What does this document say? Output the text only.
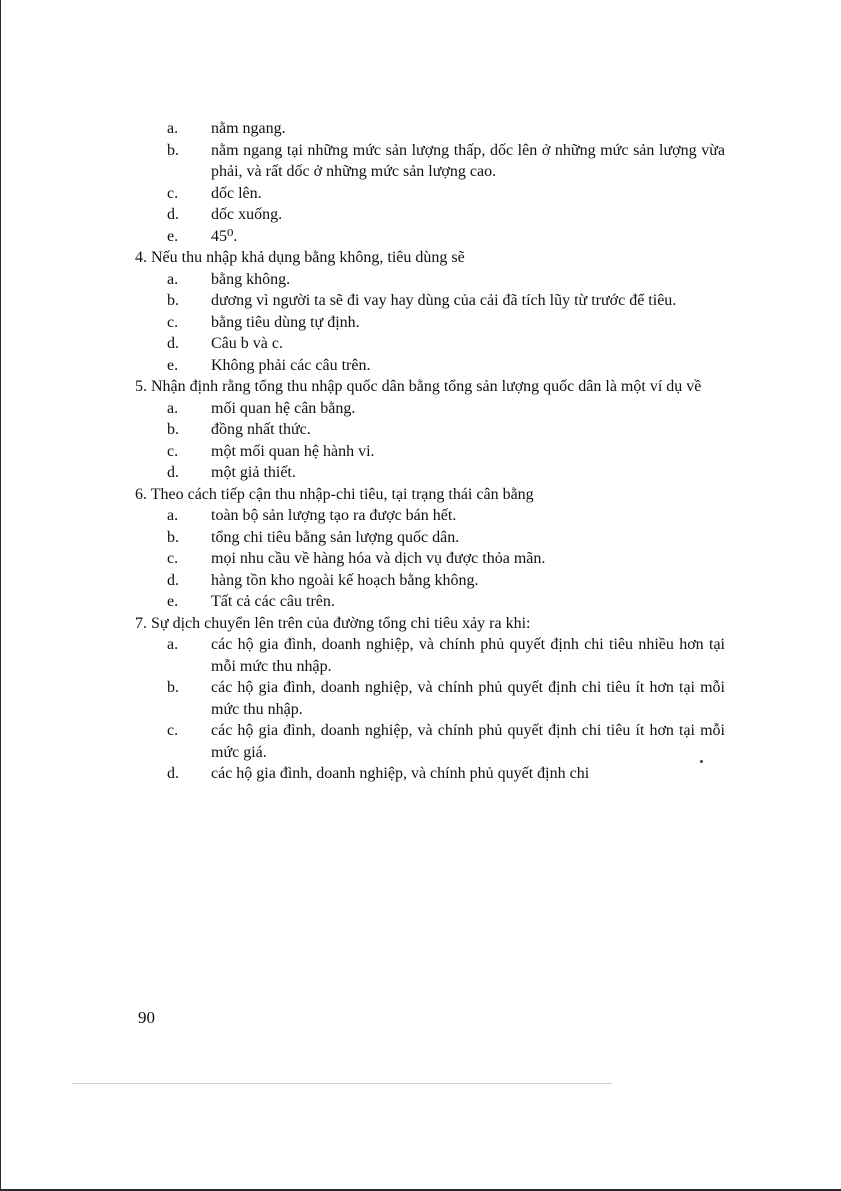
a.	nằm ngang.
b.	nằm ngang tại những mức sản lượng thấp, dốc lên ở những mức sản lượng vừa phải, và rất dốc ở những mức sản lượng cao.
c.	dốc lên.
d.	dốc xuống.
e.	45⁰.
4. Nếu thu nhập khả dụng bằng không, tiêu dùng sẽ
a.	bằng không.
b.	dương vì người ta sẽ đi vay hay dùng của cải đã tích lũy từ trước để tiêu.
c.	bằng tiêu dùng tự định.
d.	Câu b và c.
e.	Không phải các câu trên.
5. Nhận định rằng tổng thu nhập quốc dân bằng tổng sản lượng quốc dân là một ví dụ về
a.	mối quan hệ cân bằng.
b.	đồng nhất thức.
c.	một mối quan hệ hành vi.
d.	một giả thiết.
6. Theo cách tiếp cận thu nhập-chi tiêu, tại trạng thái cân bằng
a.	toàn bộ sản lượng tạo ra được bán hết.
b.	tổng chi tiêu bằng sản lượng quốc dân.
c.	mọi nhu cầu về hàng hóa và dịch vụ được thỏa mãn.
d.	hàng tồn kho ngoài kế hoạch bằng không.
e.	Tất cả các câu trên.
7. Sự dịch chuyển lên trên của đường tổng chi tiêu xảy ra khi:
a.	các hộ gia đình, doanh nghiệp, và chính phủ quyết định chi tiêu nhiều hơn tại mỗi mức thu nhập.
b.	các hộ gia đình, doanh nghiệp, và chính phủ quyết định chi tiêu ít hơn tại mỗi mức thu nhập.
c.	các hộ gia đình, doanh nghiệp, và chính phủ quyết định chi tiêu ít hơn tại mỗi mức giá.
d.	các hộ gia đình, doanh nghiệp, và chính phủ quyết định chi
90
